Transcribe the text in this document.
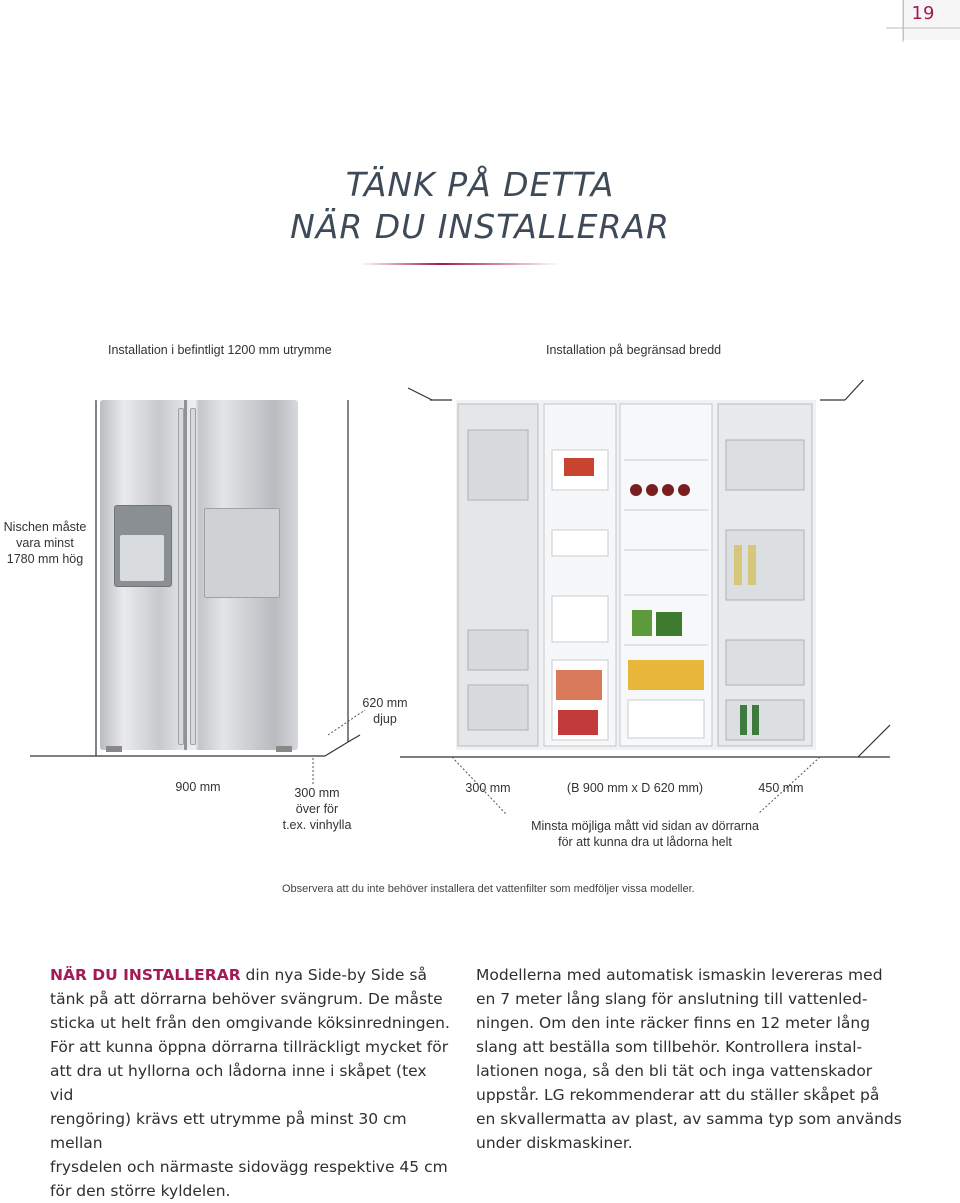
19
TÄNK PÅ DETTA
NÄR DU INSTALLERAR
Installation i befintligt 1200 mm utrymme	Installation på begränsad bredd
Nischen måste
vara minst
1780 mm hög
620 mm
djup
900 mm	300 mm
över för
t.ex. vinhylla
300 mm	(B 900 mm x D 620 mm)	450 mm
Minsta möjliga mått vid sidan av dörrarna
för att kunna dra ut lådorna helt
Observera att du inte behöver installera det vattenfilter som medföljer vissa modeller.
NÄR DU INSTALLERAR din nya Side-by Side så
tänk på att dörrarna behöver svängrum. De måste
sticka ut helt från den omgivande köksinredningen.
För att kunna öppna dörrarna tillräckligt mycket för
att dra ut hyllorna och lådorna inne i skåpet (tex vid
rengöring) krävs ett utrymme på minst 30 cm mellan
frysdelen och närmaste sidovägg respektive 45 cm
för den större kyldelen.
Modellerna med automatisk ismaskin levereras med
en 7 meter lång slang för anslutning till vattenled-
ningen. Om den inte räcker finns en 12 meter lång
slang att beställa som tillbehör. Kontrollera instal-
lationen noga, så den bli tät och inga vattenskador
uppstår. LG rekommenderar att du ställer skåpet på
en skvallermatta av plast, av samma typ som används
under diskmaskiner.
